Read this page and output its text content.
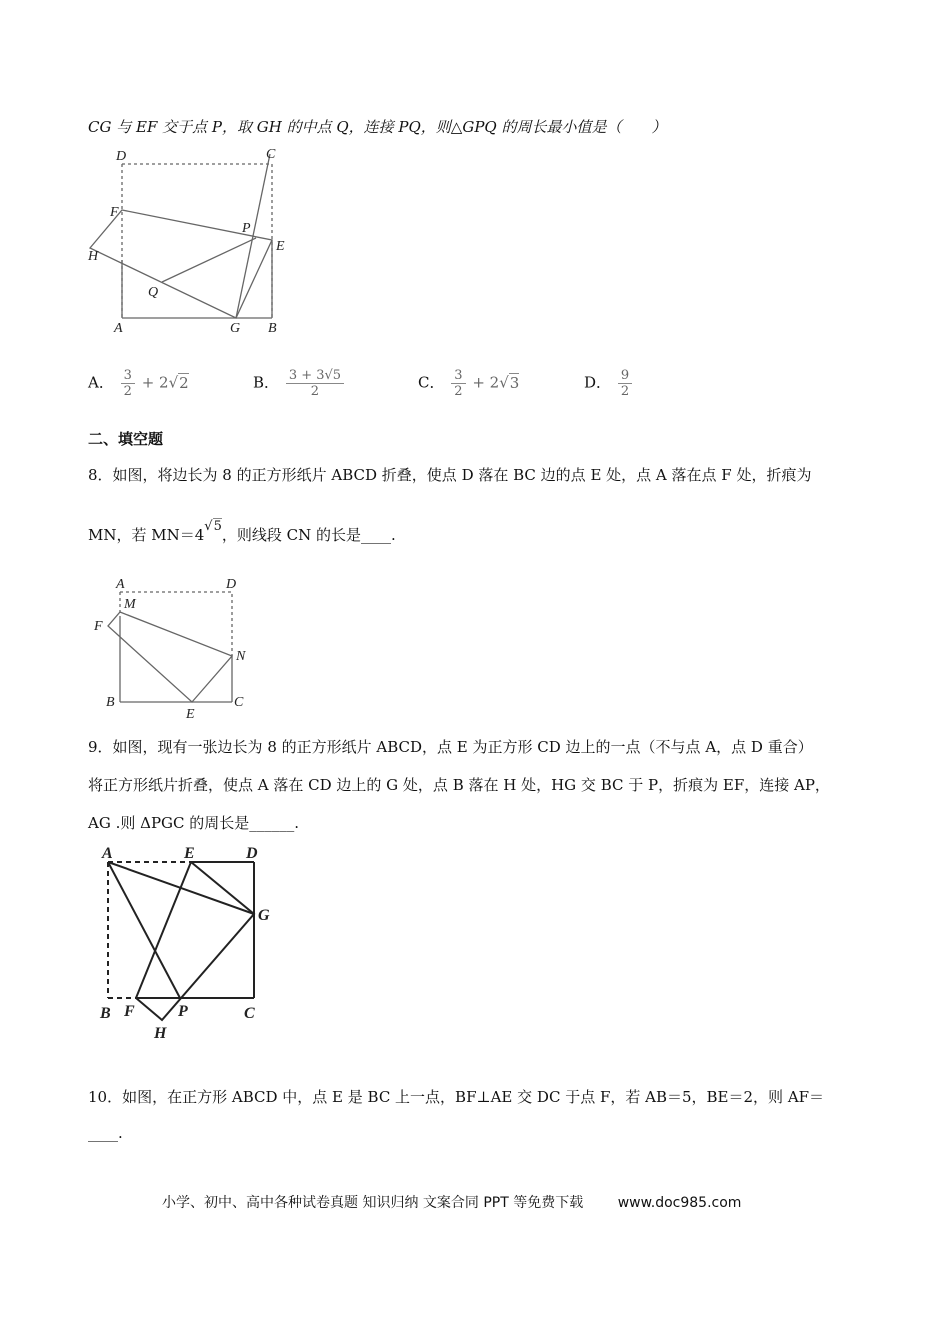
CG 与 EF 交于点 P，取 GH 的中点 Q，连接 PQ，则△GPQ 的周长最小值是（　　）
D	C
F
P
E
H
Q
A	G B
A． $\frac{3}{2} + 2√2$	B． $\frac{3 + 3√5}{2}$	C． $\frac{3}{2} + 2√3$	D． $\frac{9}{2}$
二、填空题
8．如图，将边长为 8 的正方形纸片 ABCD 折叠，使点 D 落在 BC 边的点 E 处，点 A 落在点 F 处，折痕为
MN，若 MN＝4√5，则线段 CN 的长是____.
A	D
M
F
N
B
E
C
9．如图，现有一张边长为 8 的正方形纸片 ABCD，点 E 为正方形 CD 边上的一点（不与点 A，点 D 重合）
将正方形纸片折叠，使点 A 落在 CD 边上的 G 处，点 B 落在 H 处，HG 交 BC 于 P，折痕为 EF，连接 AP，
AG .则 ΔPGC 的周长是______.
A	E	D
G
B F	P	C
H
10．如图，在正方形 ABCD 中，点 E 是 BC 上一点，BF⊥AE 交 DC 于点 F，若 AB＝5，BE＝2，则 AF＝
____.
小学、初中、高中各种试卷真题 知识归纳 文案合同 PPT 等免费下载 www.doc985.com
